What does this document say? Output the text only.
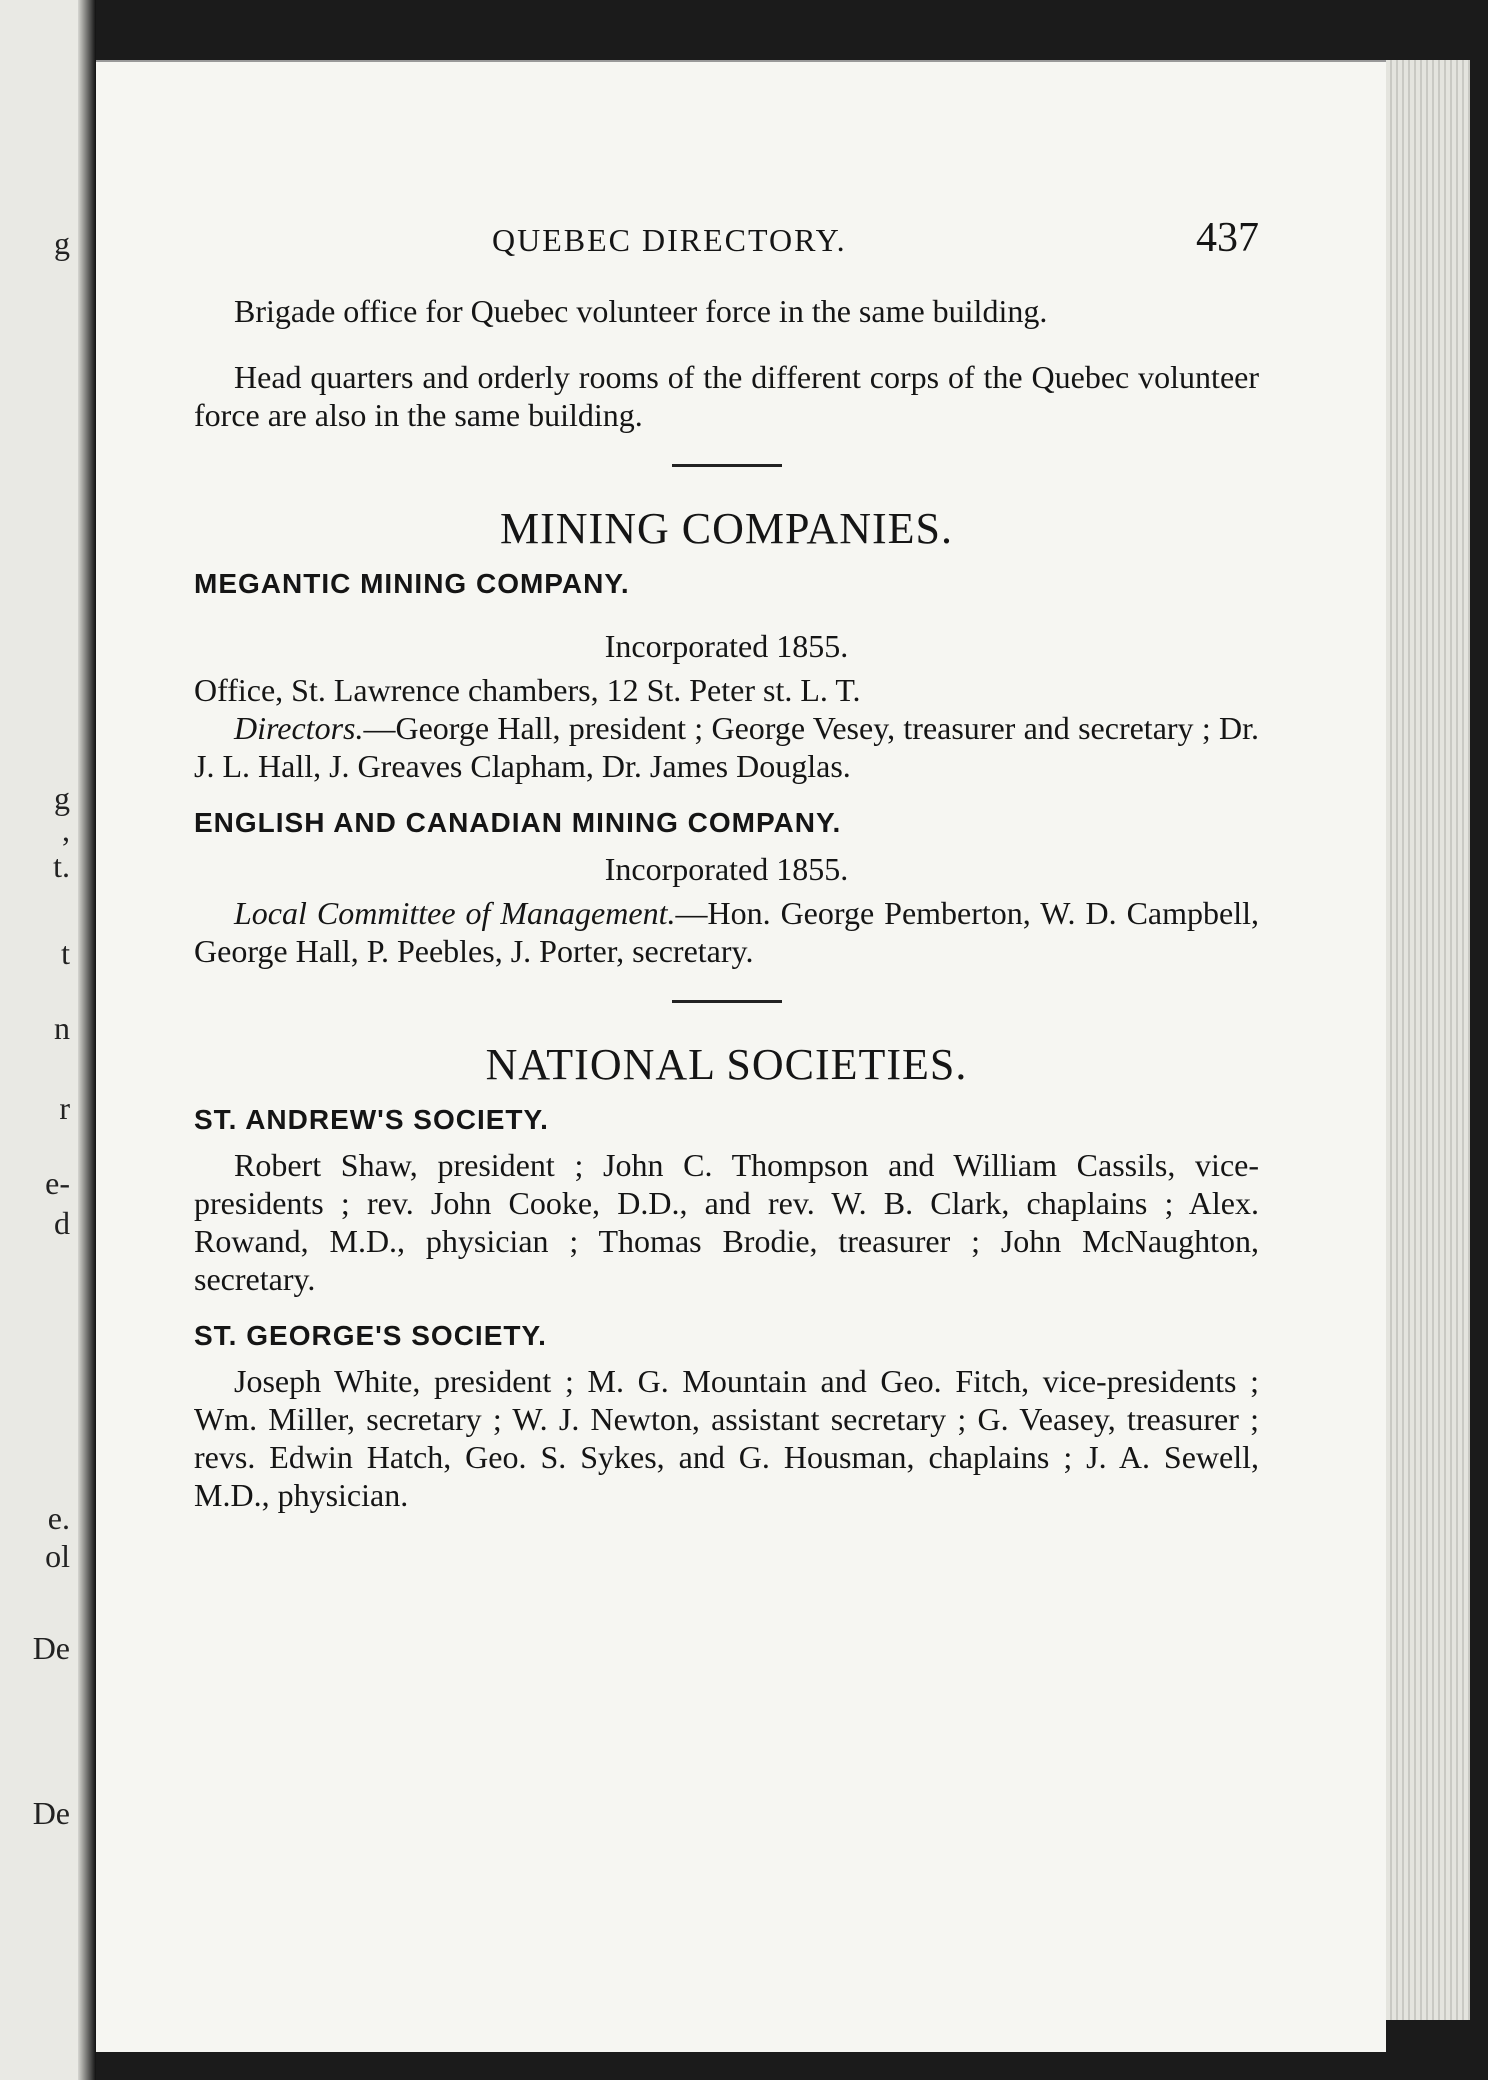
g
g
,
t.
t
n
r
e-
d
e.
ol
De
De
QUEBEC DIRECTORY.	437

Brigade office for Quebec volunteer force in the same building.

Head quarters and orderly rooms of the different corps of the Quebec volunteer force are also in the same building.

MINING COMPANIES.
MEGANTIC MINING COMPANY.
Incorporated 1855.

Office, St. Lawrence chambers, 12 St. Peter st. L. T.

Directors.—George Hall, president ; George Vesey, treasurer and secretary ; Dr. J. L. Hall, J. Greaves Clapham, Dr. James Douglas.

ENGLISH AND CANADIAN MINING COMPANY.
Incorporated 1855.

Local Committee of Management.—Hon. George Pemberton, W. D. Campbell, George Hall, P. Peebles, J. Porter, secretary.

NATIONAL SOCIETIES.
ST. ANDREW'S SOCIETY.

Robert Shaw, president ; John C. Thompson and William Cassils, vice-presidents ; rev. John Cooke, D.D., and rev. W. B. Clark, chaplains ; Alex. Rowand, M.D., physician ; Thomas Brodie, treasurer ; John McNaughton, secretary.

ST. GEORGE'S SOCIETY.

Joseph White, president ; M. G. Mountain and Geo. Fitch, vice-presidents ; Wm. Miller, secretary ; W. J. Newton, assistant secretary ; G. Veasey, treasurer ; revs. Edwin Hatch, Geo. S. Sykes, and G. Housman, chaplains ; J. A. Sewell, M.D., physician.
